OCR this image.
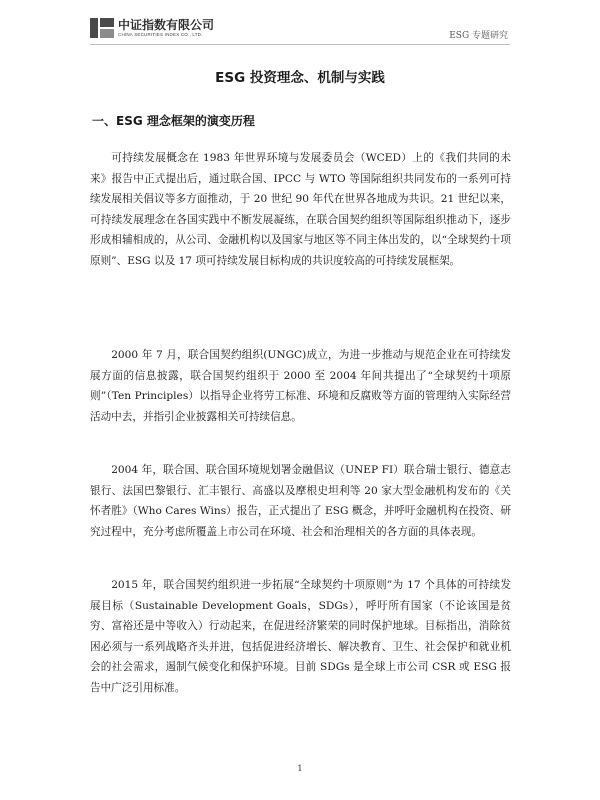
中证指数有限公司
CHINA SECURITIES INDEX CO., LTD.	ESG 专题研究
ESG 投资理念、机制与实践
一、ESG 理念框架的演变历程

可持续发展概念在 1983 年世界环境与发展委员会（WCED）上的《我们共同的未来》报告中正式提出后，通过联合国、IPCC 与 WTO 等国际组织共同发布的一系列可持续发展相关倡议等多方面推动，于 20 世纪 90 年代在世界各地成为共识。21 世纪以来，可持续发展理念在各国实践中不断发展凝练，在联合国契约组织等国际组织推动下，逐步形成相辅相成的，从公司、金融机构以及国家与地区等不同主体出发的，以“全球契约十项原则”、ESG 以及 17 项可持续发展目标构成的共识度较高的可持续发展框架。

2000 年 7 月，联合国契约组织(UNGC)成立，为进一步推动与规范企业在可持续发展方面的信息披露，联合国契约组织于 2000 至 2004 年间共提出了“全球契约十项原则”（Ten Principles）以指导企业将劳工标准、环境和反腐败等方面的管理纳入实际经营活动中去，并指引企业披露相关可持续信息。

2004 年，联合国、联合国环境规划署金融倡议（UNEP FI）联合瑞士银行、德意志银行、法国巴黎银行、汇丰银行、高盛以及摩根史坦利等 20 家大型金融机构发布的《关怀者胜》（Who Cares Wins）报告，正式提出了 ESG 概念，并呼吁金融机构在投资、研究过程中，充分考虑所覆盖上市公司在环境、社会和治理相关的各方面的具体表现。

2015 年，联合国契约组织进一步拓展“全球契约十项原则”为 17 个具体的可持续发展目标（Sustainable Development Goals，SDGs），呼吁所有国家（不论该国是贫穷、富裕还是中等收入）行动起来，在促进经济繁荣的同时保护地球。目标指出，消除贫困必须与一系列战略齐头并进，包括促进经济增长、解决教育、卫生、社会保护和就业机会的社会需求，遏制气候变化和保护环境。目前 SDGs 是全球上市公司 CSR 或 ESG 报告中广泛引用标准。

1
